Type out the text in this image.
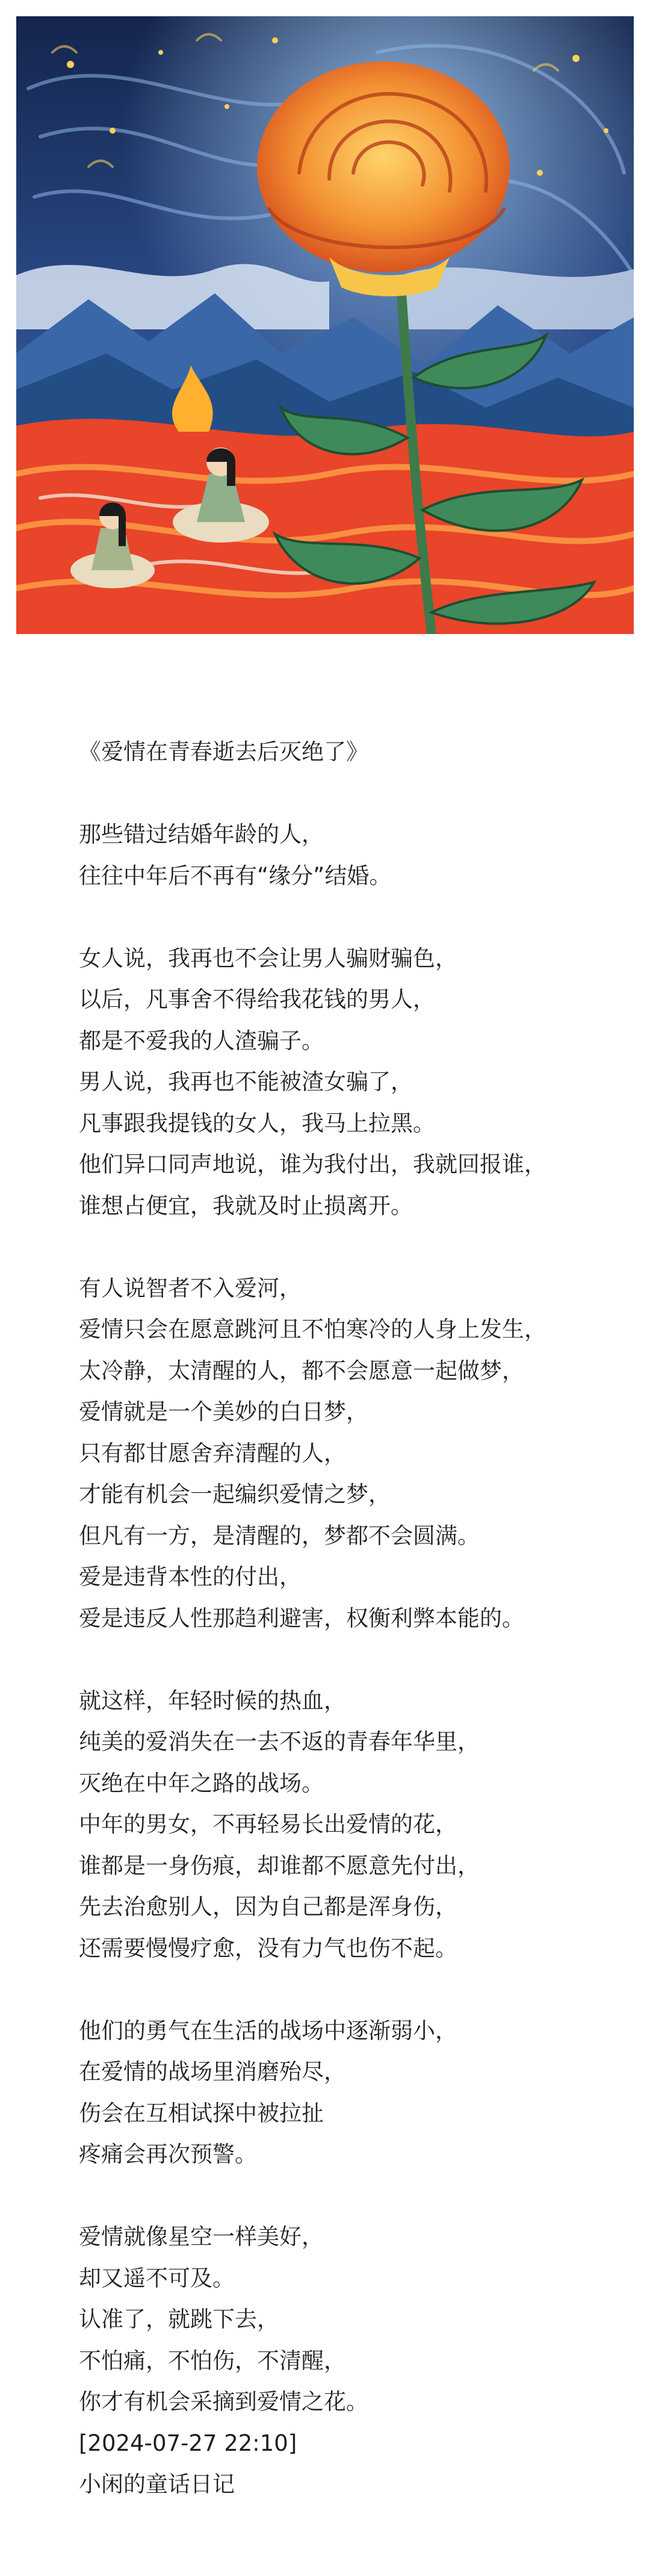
《爱情在青春逝去后灭绝了》
那些错过结婚年龄的人，
往往中年后不再有“缘分”结婚。
女人说，我再也不会让男人骗财骗色，
以后，凡事舍不得给我花钱的男人，
都是不爱我的人渣骗子。
男人说，我再也不能被渣女骗了，
凡事跟我提钱的女人，我马上拉黑。
他们异口同声地说，谁为我付出，我就回报谁，
谁想占便宜，我就及时止损离开。
有人说智者不入爱河，
爱情只会在愿意跳河且不怕寒冷的人身上发生，
太冷静，太清醒的人，都不会愿意一起做梦，
爱情就是一个美妙的白日梦，
只有都甘愿舍弃清醒的人，
才能有机会一起编织爱情之梦，
但凡有一方，是清醒的，梦都不会圆满。
爱是违背本性的付出，
爱是违反人性那趋利避害，权衡利弊本能的。
就这样，年轻时候的热血，
纯美的爱消失在一去不返的青春年华里，
灭绝在中年之路的战场。
中年的男女，不再轻易长出爱情的花，
谁都是一身伤痕，却谁都不愿意先付出，
先去治愈别人，因为自己都是浑身伤，
还需要慢慢疗愈，没有力气也伤不起。
他们的勇气在生活的战场中逐渐弱小，
在爱情的战场里消磨殆尽，
伤会在互相试探中被拉扯
疼痛会再次预警。
爱情就像星空一样美好，
却又遥不可及。
认准了，就跳下去，
不怕痛，不怕伤，不清醒，
你才有机会采摘到爱情之花。
[2024-07-27 22:10]
小闲的童话日记
